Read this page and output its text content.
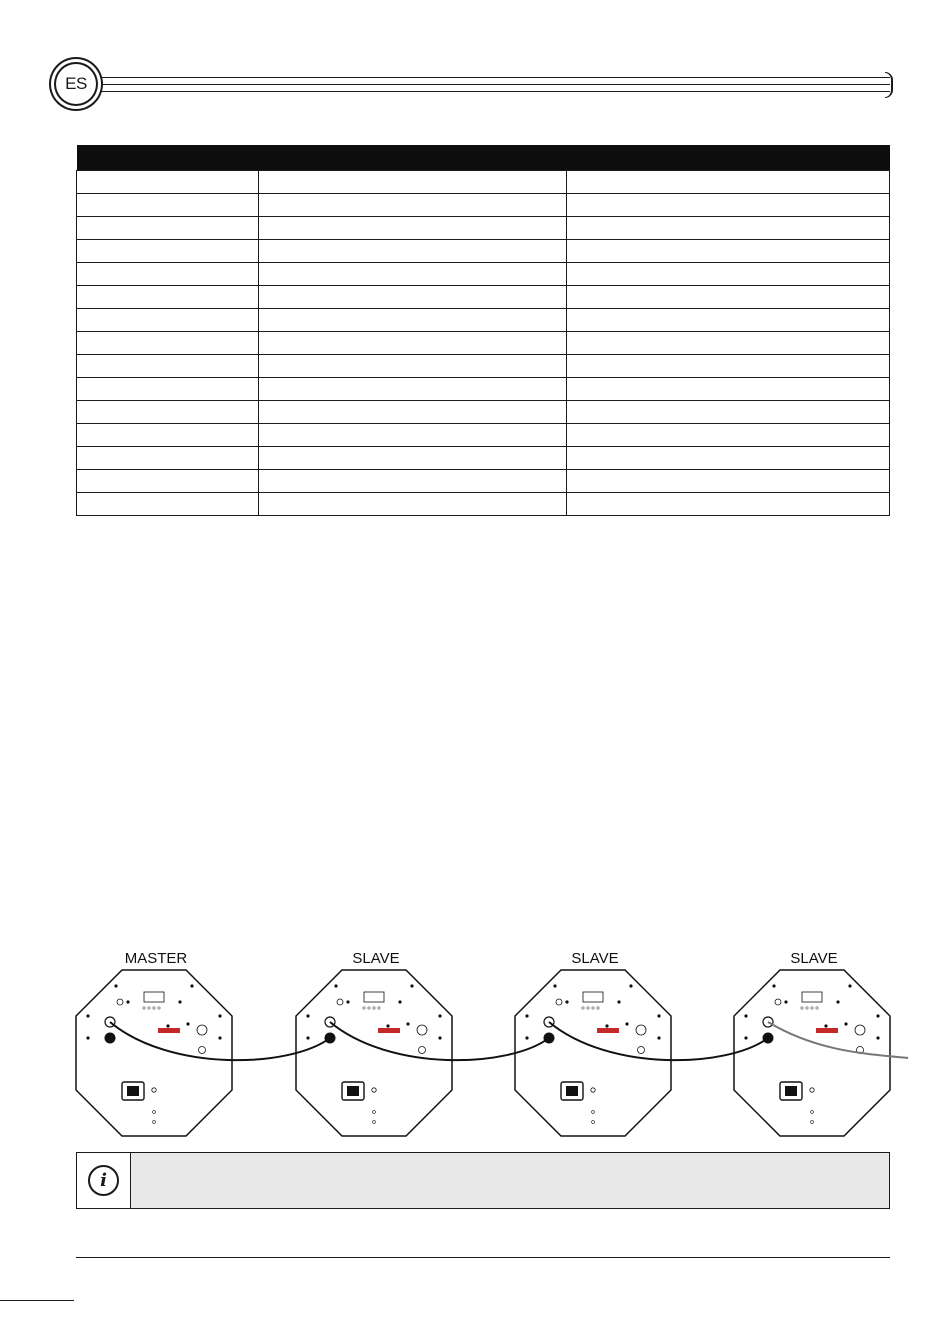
ES

MASTER	SLAVE	SLAVE	SLAVE
i
